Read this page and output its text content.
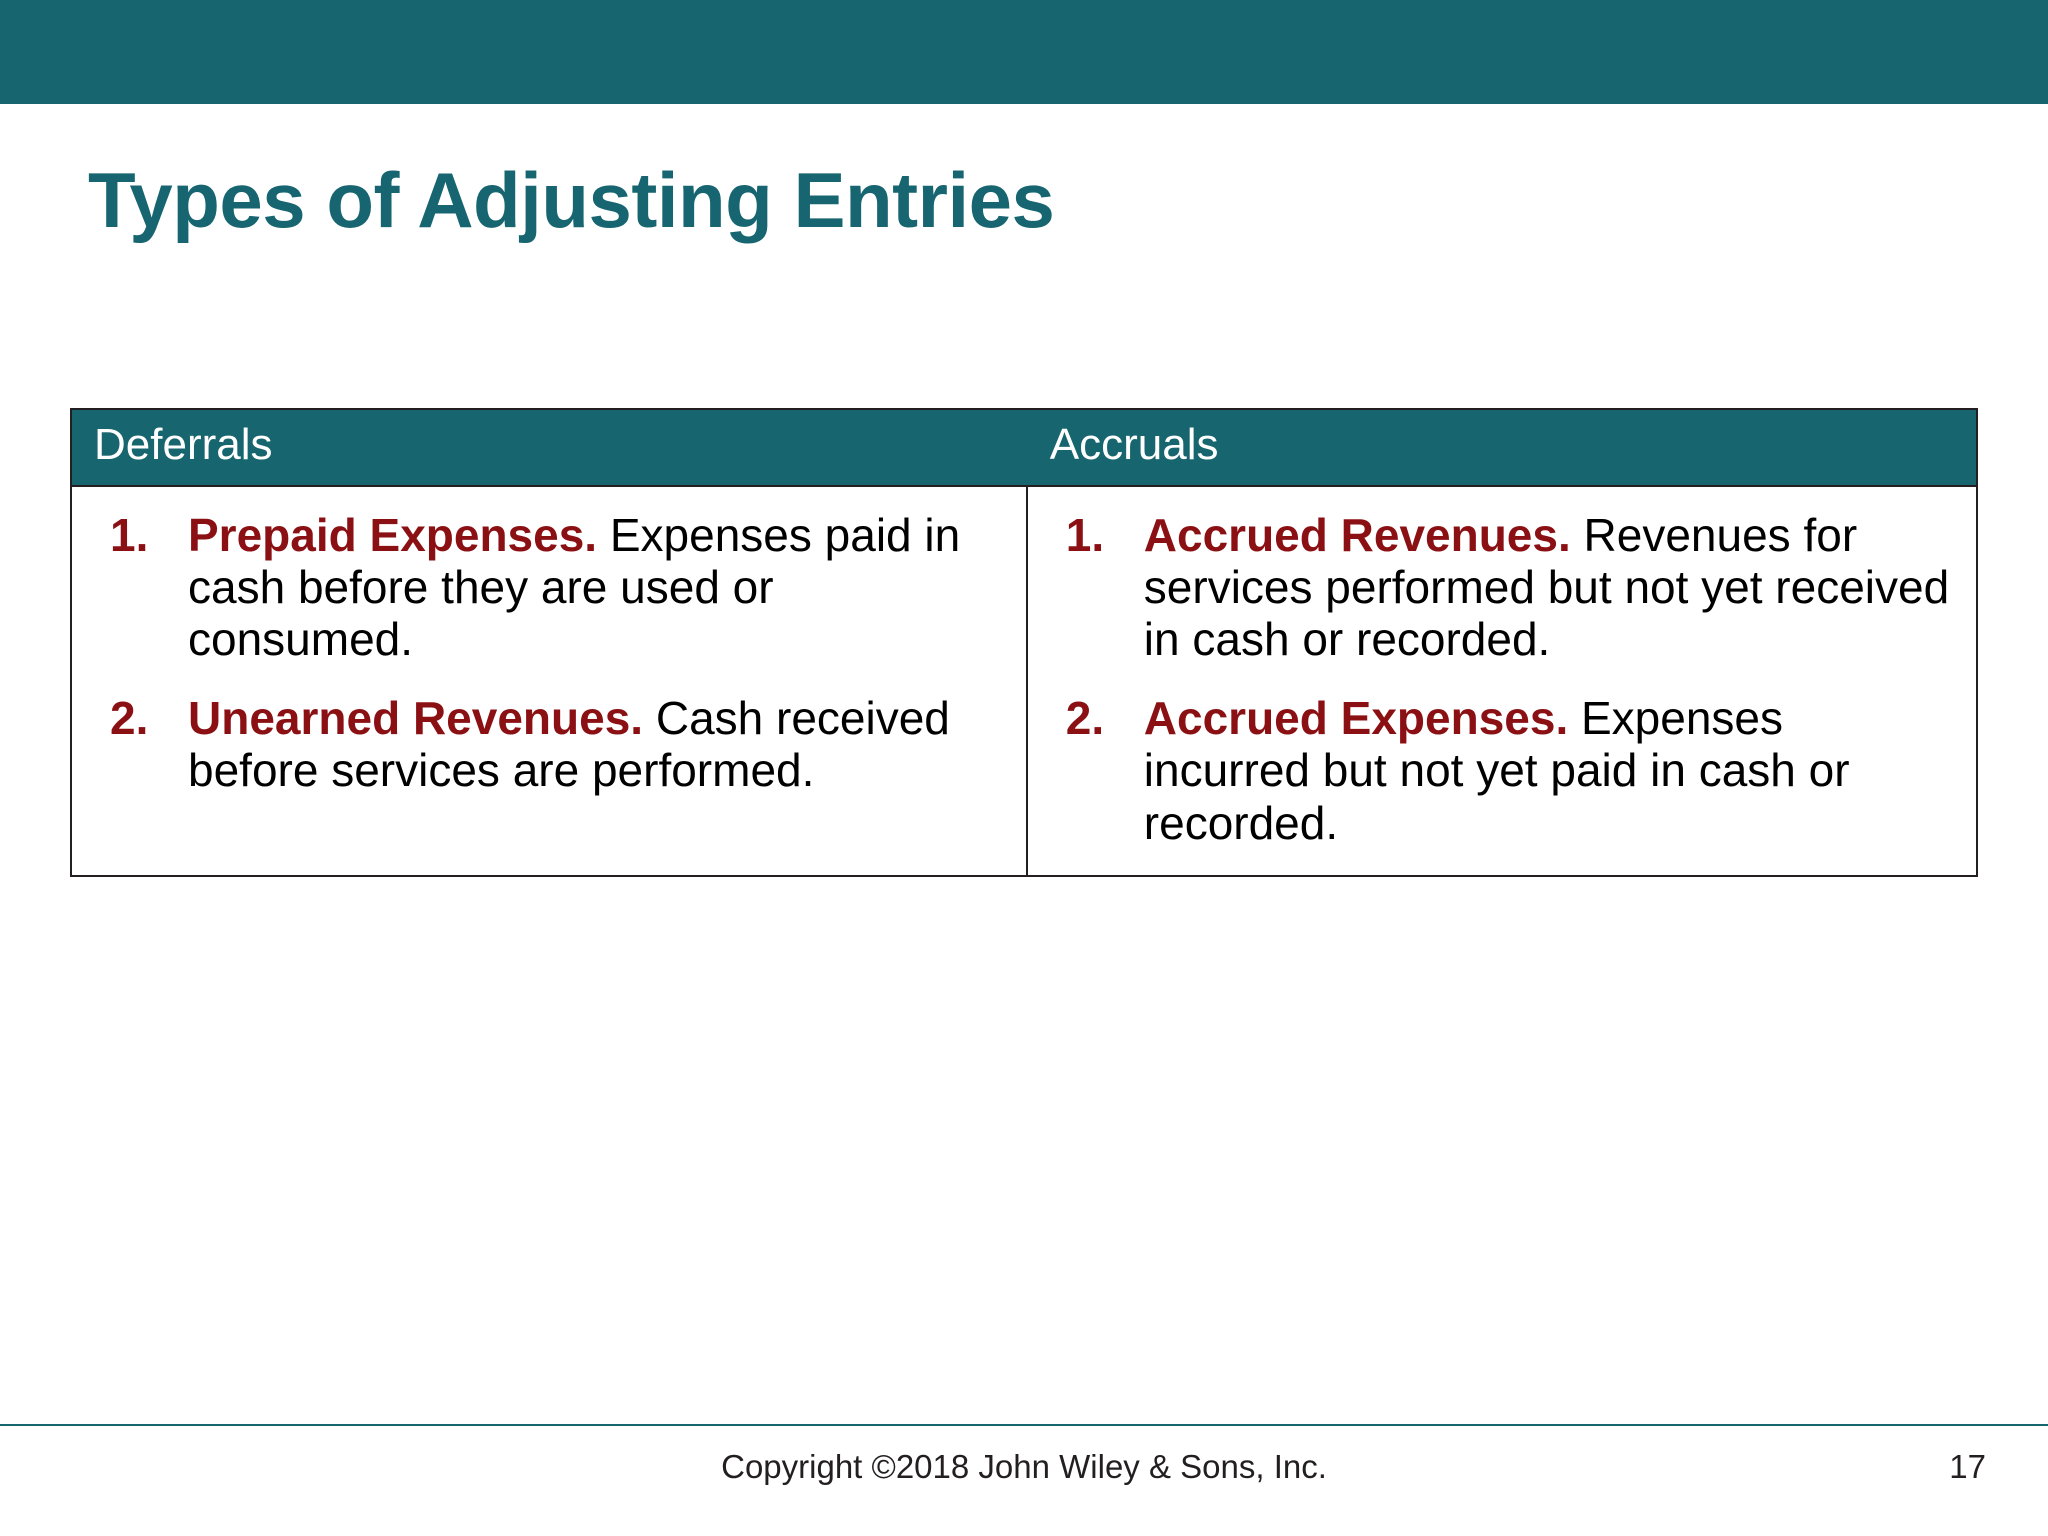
Types of Adjusting Entries
Deferrals	Accruals
1. Prepaid Expenses. Expenses paid in cash before they are used or consumed.
2. Unearned Revenues. Cash received before services are performed.
1. Accrued Revenues. Revenues for services performed but not yet received in cash or recorded.
2. Accrued Expenses. Expenses incurred but not yet paid in cash or recorded.
Copyright ©2018 John Wiley & Sons, Inc.	17
